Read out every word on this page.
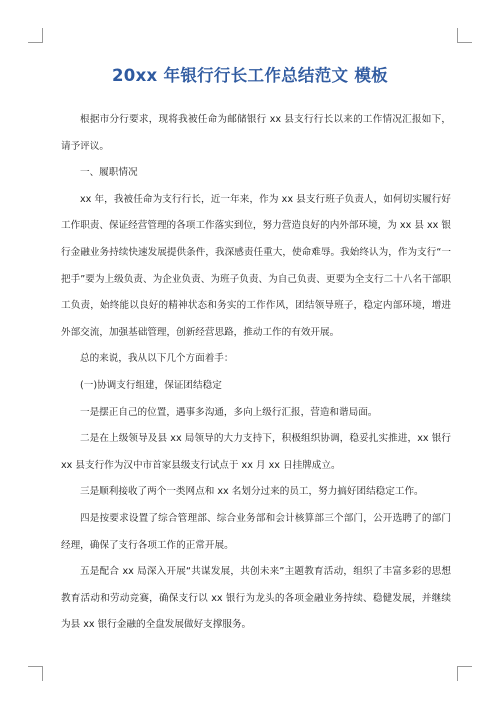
20xx 年银行行长工作总结范文 模板

根据市分行要求，现将我被任命为邮储银行 xx 县支行行长以来的工作情况汇报如下，请予评议。

一、履职情况

xx 年，我被任命为支行行长，近一年来，作为 xx 县支行班子负责人，如何切实履行好工作职责、保证经营管理的各项工作落实到位，努力营造良好的内外部环境，为 xx 县 xx 银行金融业务持续快速发展提供条件，我深感责任重大，使命难辱。我始终认为，作为支行“一把手”要为上级负责、为企业负责、为班子负责、为自己负责、更要为全支行二十八名干部职工负责，始终能以良好的精神状态和务实的工作作风，团结领导班子，稳定内部环境，增进外部交流，加强基础管理，创新经营思路，推动工作的有效开展。

总的来说，我从以下几个方面着手：

(一)协调支行组建，保证团结稳定

一是摆正自己的位置，遇事多沟通，多向上级行汇报，营造和谐局面。

二是在上级领导及县 xx 局领导的大力支持下，积极组织协调，稳妥扎实推进，xx 银行 xx 县支行作为汉中市首家县级支行试点于 xx 月 xx 日挂牌成立。

三是顺利接收了两个一类网点和 xx 名划分过来的员工，努力搞好团结稳定工作。

四是按要求设置了综合管理部、综合业务部和会计核算部三个部门，公开选聘了的部门经理，确保了支行各项工作的正常开展。

五是配合 xx 局深入开展“共谋发展，共创未来”主题教育活动，组织了丰富多彩的思想教育活动和劳动竞赛，确保支行以 xx 银行为龙头的各项金融业务持续、稳健发展，并继续为县 xx 银行金融的全盘发展做好支撑服务。
